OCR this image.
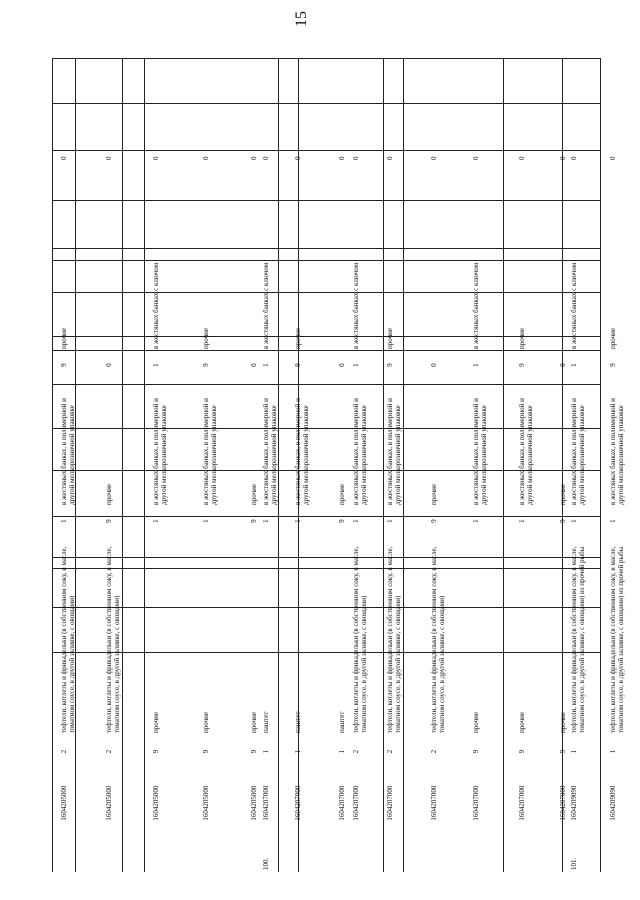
15
1604205000
2
тефтели, котлеты и фрикадельки (в собственном соку, в масле, томатном соусе, в другой заливке, с овощами)
1
в жестяных банках, в полимерной и другой мелкорозничной упаковке
9
прочие
0
1604205000
2
тефтели, котлеты и фрикадельки (в собственном соку, в масле, томатном соусе, в другой заливке, с овощами)
9
прочие
0
0
1604205000
9
прочие
1
в жестяных банках, в полимерной и другой мелкорозничной упаковке
1
в жестяных банках с ключом
0
1604205000
9
прочие
1
в жестяных банках, в полимерной и другой мелкорозничной упаковке
9
прочие
0
1604205000
9
прочие
9
прочие
0
0
100.
1604207000
1
паштет
1
в жестяных банках, в полимерной и другой мелкорозничной упаковке
1
в жестяных банках с ключом
0
1604207000
1
паштет
1
в жестяных банках, в полимерной и другой мелкорозничной упаковке
9
прочие
0
1604207000
1
паштет
9
прочие
0
0
1604207000
2
тефтели, котлеты и фрикадельки (в собственном соку, в масле, томатном соусе, в другой заливке, с овощами)
1
в жестяных банках, в полимерной и другой мелкорозничной упаковке
1
в жестяных банках с ключом
0
1604207000
2
тефтели, котлеты и фрикадельки (в собственном соку, в масле, томатном соусе, в другой заливке, с овощами)
1
в жестяных банках, в полимерной и другой мелкорозничной упаковке
9
прочие
0
1604207000
2
тефтели, котлеты и фрикадельки (в собственном соку, в масле, томатном соусе, в другой заливке, с овощами)
9
прочие
0
0
1604207000
9
прочие
1
в жестяных банках, в полимерной и другой мелкорозничной упаковке
1
в жестяных банках с ключом
0
1604207000
9
прочие
1
в жестяных банках, в полимерной и другой мелкорозничной упаковке
9
прочие
0
1604207000
9
прочие
9
прочие
0
0
101.
1604209090
1
тефтели, котлеты и фрикадельки (в собственном соку, в масле, томатном соусе, в другой заливке, с овощами) из прочей рыбы
1
в жестяных банках, в полимерной и другой мелкорозничной упаковке
1
в жестяных банках с ключом
0
1604209090
1
тефтели, котлеты и фрикадельки (в собственном соку, в масле, томатном соусе, в другой заливке, с овощами) из прочей рыбы
1
в жестяных банках, в полимерной и другой мелкорозничной упаковке
9
прочие
0
